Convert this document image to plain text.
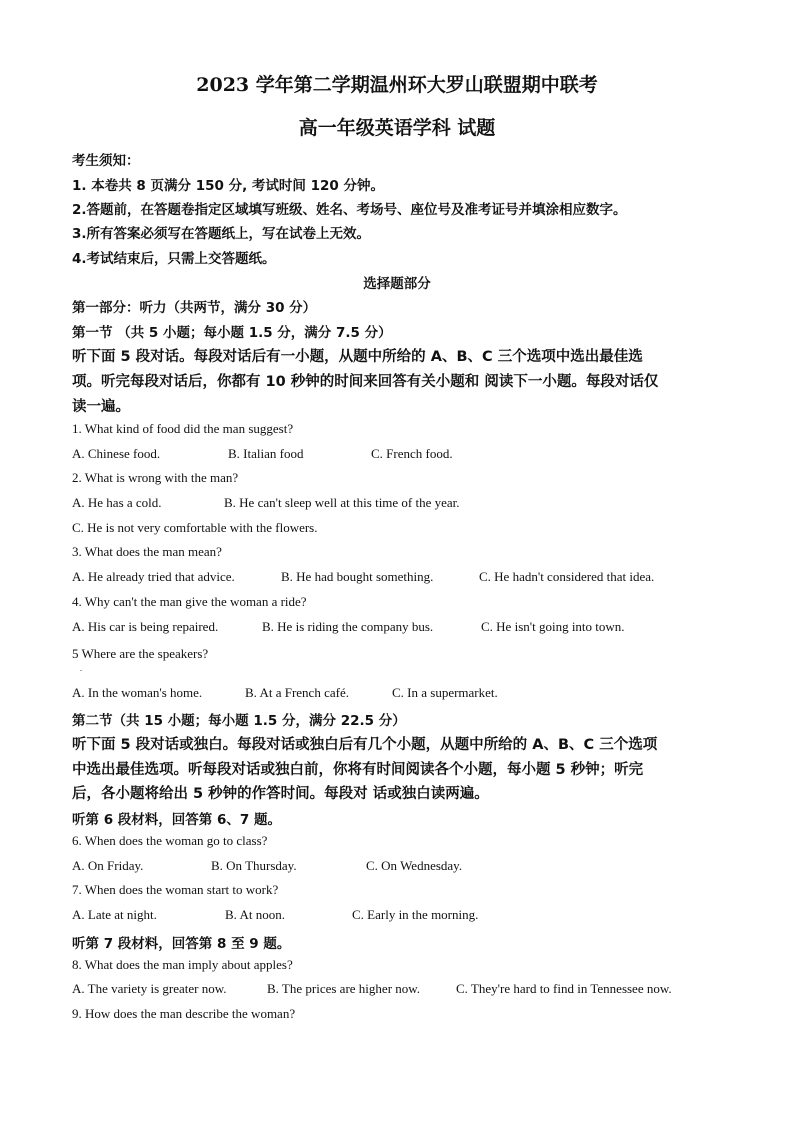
2023 学年第二学期温州环大罗山联盟期中联考
高一年级英语学科 试题
考生须知：
1. 本卷共 8 页满分 150 分, 考试时间 120 分钟。
2.答题前，在答题卷指定区域填写班级、姓名、考场号、座位号及准考证号并填涂相应数字。
3.所有答案必须写在答题纸上，写在试卷上无效。
4.考试结束后，只需上交答题纸。
选择题部分
第一部分：听力（共两节，满分 30 分）
第一节 （共 5 小题；每小题 1.5 分，满分 7.5 分）
听下面 5 段对话。每段对话后有一小题，从题中所给的 A、B、C 三个选项中选出最佳选
项。听完每段对话后，你都有 10 秒钟的时间来回答有关小题和 阅读下一小题。每段对话仅
读一遍。
1. What kind of food did the man suggest?
A. Chinese food.	B. Italian food	C. French food.
2. What is wrong with the man?
A. He has a cold.	B. He can't sleep well at this time of the year.
C. He is not very comfortable with the flowers.
3. What does the man mean?
A. He already tried that advice.	B. He had bought something.	C. He hadn't considered that idea.
4. Why can't the man give the woman a ride?
A. His car is being repaired.	B. He is riding the company bus.	C. He isn't going into town.
5 Where are the speakers?
.
A. In the woman's home.	B. At a French café.	C. In a supermarket.
第二节（共 15 小题；每小题 1.5 分，满分 22.5 分）
听下面 5 段对话或独白。每段对话或独白后有几个小题，从题中所给的 A、B、C 三个选项
中选出最佳选项。听每段对话或独白前，你将有时间阅读各个小题，每小题 5 秒钟；听完
后，各小题将给出 5 秒钟的作答时间。每段对 话或独白读两遍。
听第 6 段材料，回答第 6、7 题。
6. When does the woman go to class?
A. On Friday.	B. On Thursday.	C. On Wednesday.
7. When does the woman start to work?
A. Late at night.	B. At noon.	C. Early in the morning.
听第 7 段材料，回答第 8 至 9 题。
8. What does the man imply about apples?
A. The variety is greater now.	B. The prices are higher now.	C. They're hard to find in Tennessee now.
9. How does the man describe the woman?
